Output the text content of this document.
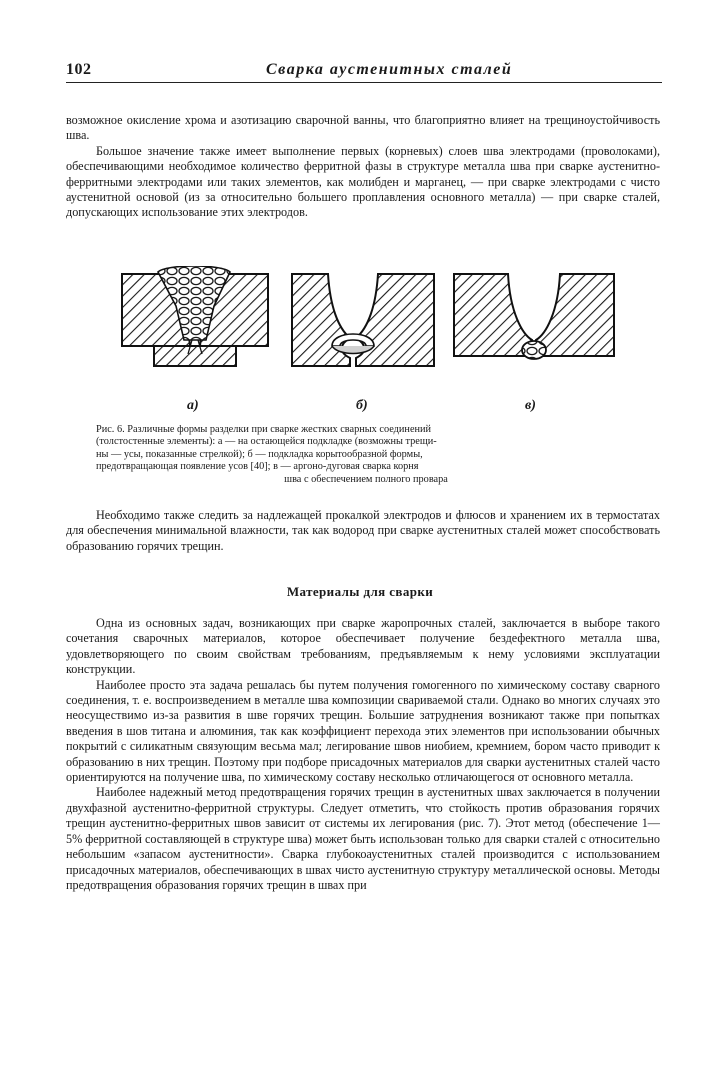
102	Сварка аустенитных сталей

возможное окисление хрома и азотизацию сварочной ванны, что благоприятно влияет на трещиноустойчивость шва.

Большое значение также имеет выполнение первых (корневых) слоев шва электродами (проволоками), обеспечивающими необходимое количество ферритной фазы в структуре металла шва при сварке аустенитно-ферритными электродами или таких элементов, как молибден и марганец, — при сварке электродами с чисто аустенитной основой (из за относительно большего проплавления основного металла) — при сварке сталей, допускающих использование этих электродов.

а)	б)	в)
Рис. 6. Различные формы разделки при сварке жестких сварных соединений
(толстостенные элементы): а — на остающейся подкладке (возможны трещи-
ны — усы, показанные стрелкой); б — подкладка корытообразной формы,
предотвращающая появление усов [40]; в — аргоно-дуговая сварка корня
шва с обеспечением полного провара

Необходимо также следить за надлежащей прокалкой электродов и флюсов и хранением их в термостатах для обеспечения минимальной влажности, так как водород при сварке аустенитных сталей может способствовать образованию горячих трещин.

Материалы для сварки

Одна из основных задач, возникающих при сварке жаропрочных сталей, заключается в выборе такого сочетания сварочных материалов, которое обеспечивает получение бездефектного металла шва, удовлетворяющего по своим свойствам требованиям, предъявляемым к нему условиями эксплуатации конструкции.

Наиболее просто эта задача решалась бы путем получения гомогенного по химическому составу сварного соединения, т. е. воспроизведением в металле шва композиции свариваемой стали. Однако во многих случаях это неосуществимо из-за развития в шве горячих трещин. Большие затруднения возникают также при попытках введения в шов титана и алюминия, так как коэффициент перехода этих элементов при использовании обычных покрытий с силикатным связующим весьма мал; легирование швов ниобием, кремнием, бором часто приводит к образованию в них трещин. Поэтому при подборе присадочных материалов для сварки аустенитных сталей часто ориентируются на получение шва, по химическому составу несколько отличающегося от основного металла.

Наиболее надежный метод предотвращения горячих трещин в аустенитных швах заключается в получении двухфазной аустенитно-ферритной структуры. Следует отметить, что стойкость против образования горячих трещин аустенитно-ферритных швов зависит от системы их легирования (рис. 7). Этот метод (обеспечение 1—5% ферритной составляющей в структуре шва) может быть использован только для сварки сталей с относительно небольшим «запасом аустенитности». Сварка глубокоаустенитных сталей производится с использованием присадочных материалов, обеспечивающих в швах чисто аустенитную структуру металлической основы. Методы предотвращения образования горячих трещин в швах при
